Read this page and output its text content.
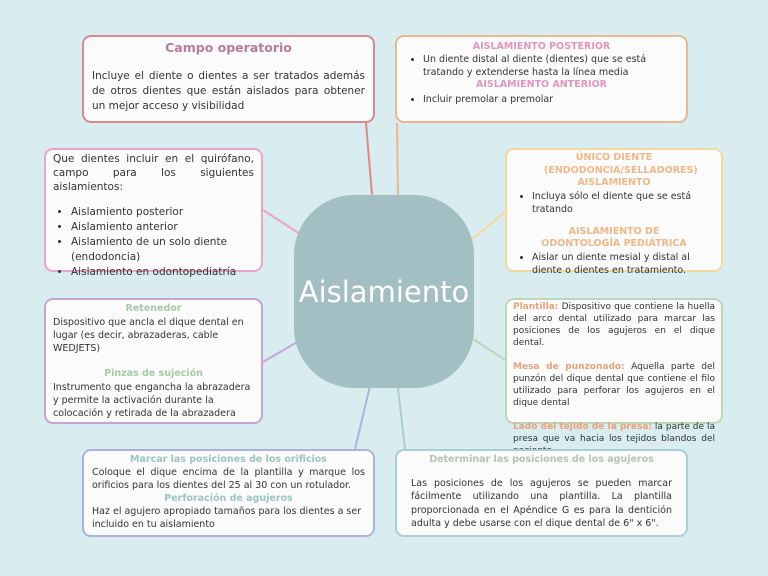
Aislamiento
Campo operatorio
Incluye el diente o dientes a ser tratados además de otros dientes que están aislados para obtener un mejor acceso y visibilidad
AISLAMIENTO POSTERIOR
• Un diente distal al diente (dientes) que se está tratando y extenderse hasta la línea media
AISLAMIENTO ANTERIOR
• Incluir premolar a premolar
Que dientes incluir en el quirófano, campo para los siguientes aislamientos:
• Aislamiento posterior
• Aislamiento anterior
• Aislamiento de un solo diente (endodoncia)
• Aislamiento en odontopediatría
ÚNICO DIENTE (ENDODONCIA/SELLADORES) AISLAMIENTO
• Incluya sólo el diente que se está tratando
AISLAMIENTO DE ODONTOLOGÍA PEDIÁTRICA
• Aislar un diente mesial y distal al diente o dientes en tratamiento.
Retenedor
Dispositivo que ancla el dique dental en lugar (es decir, abrazaderas, cable WEDJETS)
Pinzas de sujeción
Instrumento que engancha la abrazadera y permite la activación durante la colocación y retirada de la abrazadera
Plantilla: Dispositivo que contiene la huella del arco dental utilizado para marcar las posiciones de los agujeros en el dique dental.
Mesa de punzonado: Aquella parte del punzón del dique dental que contiene el filo utilizado para perforar los agujeros en el dique dental
Lado del tejido de la presa: la parte de la presa que va hacia los tejidos blandos del
Marcar las posiciones de los orificios
Coloque el dique encima de la plantilla y marque los orificios para los dientes del 25 al 30 con un rotulador.
Perforación de agujeros
Haz el agujero apropiado tamaños para los dientes a ser incluido en tu aislamiento
Determinar las posiciones de los agujeros
Las posiciones de los agujeros se pueden marcar fácilmente utilizando una plantilla. La plantilla proporcionada en el Apéndice G es para la dentición adulta y debe usarse con el dique dental de 6" x 6".
